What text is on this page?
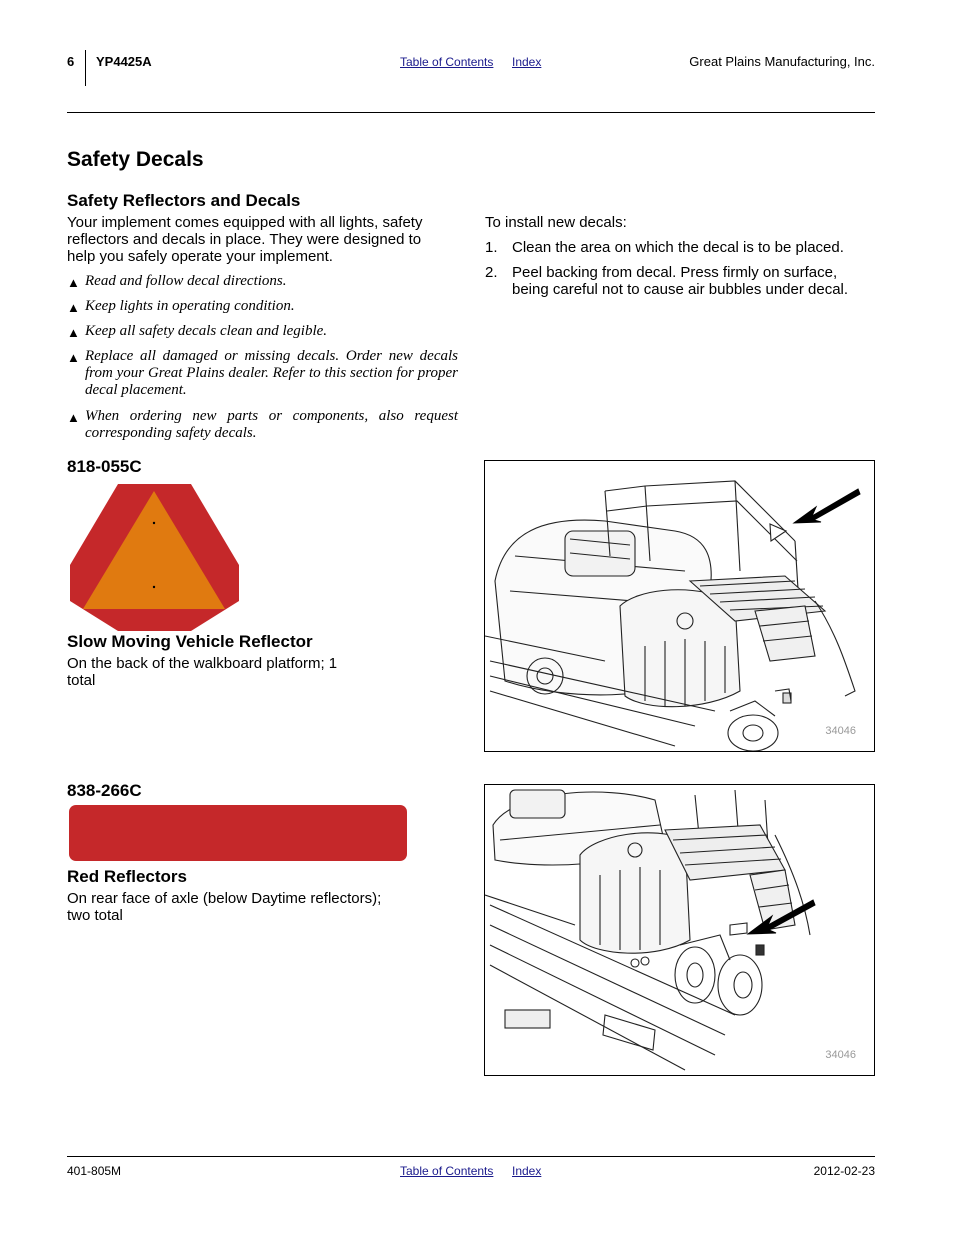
6 YP4425A	Table of Contents Index	Great Plains Manufacturing, Inc.
Safety Decals
Safety Reflectors and Decals
Your implement comes equipped with all lights, safety reflectors and decals in place. They were designed to help you safely operate your implement.
▲ Read and follow decal directions.
▲ Keep lights in operating condition.
▲ Keep all safety decals clean and legible.
▲ Replace all damaged or missing decals. Order new decals from your Great Plains dealer. Refer to this section for proper decal placement.
▲ When ordering new parts or components, also request corresponding safety decals.
To install new decals:
1. Clean the area on which the decal is to be placed.
2. Peel backing from decal. Press firmly on surface, being careful not to cause air bubbles under decal.
818-055C
Slow Moving Vehicle Reflector
On the back of the walkboard platform; 1 total
34046
838-266C
Red Reflectors
On rear face of axle (below Daytime reflectors); two total
34046
401-805M	Table of Contents Index	2012-02-23
